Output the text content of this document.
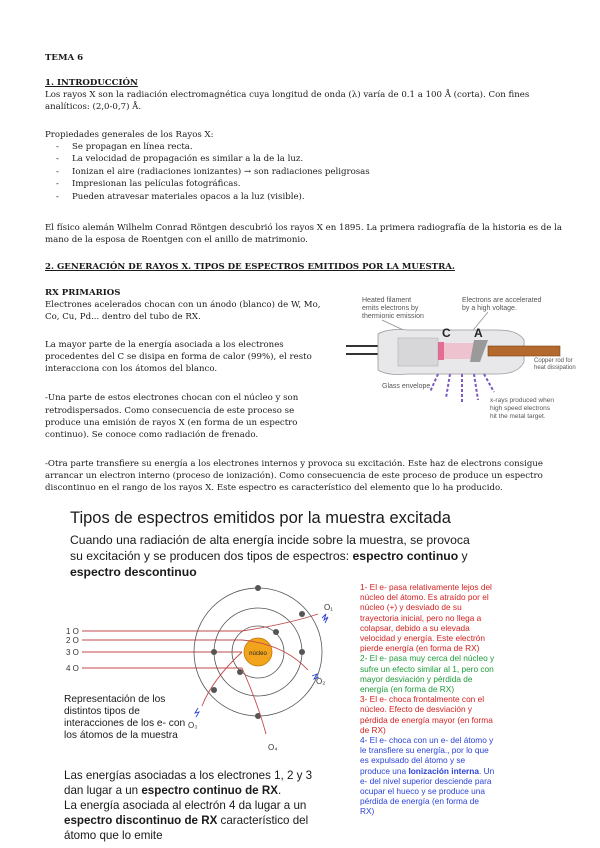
TEMA 6
1. INTRODUCCIÓN
Los rayos X son la radiación electromagnética cuya longitud de onda (λ) varía de 0.1 a 100 Å (corta). Con fines
analíticos: (2,0-0,7) Å.
Propiedades generales de los Rayos X:
- Se propagan en línea recta.
- La velocidad de propagación es similar a la de la luz.
- Ionizan el aire (radiaciones ionizantes) → son radiaciones peligrosas
- Impresionan las películas fotográficas.
- Pueden atravesar materiales opacos a la luz (visible).
El físico alemán Wilhelm Conrad Röntgen descubrió los rayos X en 1895. La primera radiografía de la historia es de la
mano de la esposa de Roentgen con el anillo de matrimonio.
2. GENERACIÓN DE RAYOS X. TIPOS DE ESPECTROS EMITIDOS POR LA MUESTRA.
RX PRIMARIOS
Electrones acelerados chocan con un ánodo (blanco) de W, Mo,
Co, Cu, Pd... dentro del tubo de RX.
La mayor parte de la energía asociada a los electrones
procedentes del C se disipa en forma de calor (99%), el resto
interacciona con los átomos del blanco.
-Una parte de estos electrones chocan con el núcleo y son
retrodispersados. Como consecuencia de este proceso se
produce una emisión de rayos X (en forma de un espectro
continuo). Se conoce como radiación de frenado.
-Otra parte transfiere su energía a los electrones internos y provoca su excitación. Este haz de electrons consigue
arrancar un electron interno (proceso de ionización). Como consecuencia de este proceso de produce un espectro
discontinuo en el rango de los rayos X. Este espectro es característico del elemento que lo ha producido.
Heated filament
emits electrons by
thermionic emission
Electrons are accelerated
by a high voltage.
C A
Copper rod for
heat dissipation
Glass envelope
x-rays produced when
high speed electrons
hit the metal target.
Tipos de espectros emitidos por la muestra excitada
Cuando una radiación de alta energía incide sobre la muestra, se provoca
su excitación y se producen dos tipos de espectros: espectro continuo y
espectro descontinuo
1 O
2 O
3 O
4 O
núcleo
O₁
O₂
O₃
O₄
Representación de los
distintos tipos de
interacciones de los e- con
los átomos de la muestra
Las energías asociadas a los electrones 1, 2 y 3
dan lugar a un espectro continuo de RX.
La energía asociada al electrón 4 da lugar a un
espectro discontinuo de RX característico del
átomo que lo emite
1- El e- pasa relativamente lejos del
núcleo del átomo. Es atraído por el
núcleo (+) y desviado de su
trayectoria inicial, pero no llega a
colapsar, debido a su elevada
velocidad y energía. Este electrón
pierde energía (en forma de RX)
2- El e- pasa muy cerca del núcleo y
sufre un efecto similar al 1, pero con
mayor desviación y pérdida de
energía (en forma de RX)
3- El e- choca frontalmente con el
núcleo. Efecto de desviación y
pérdida de energía mayor (en forma
de RX)
4- El e- choca con un e- del átomo y
le transfiere su energía., por lo que
es expulsado del átomo y se
produce una Ionización interna. Un
e- del nivel superior desciende para
ocupar el hueco y se produce una
pérdida de energía (en forma de
RX)
